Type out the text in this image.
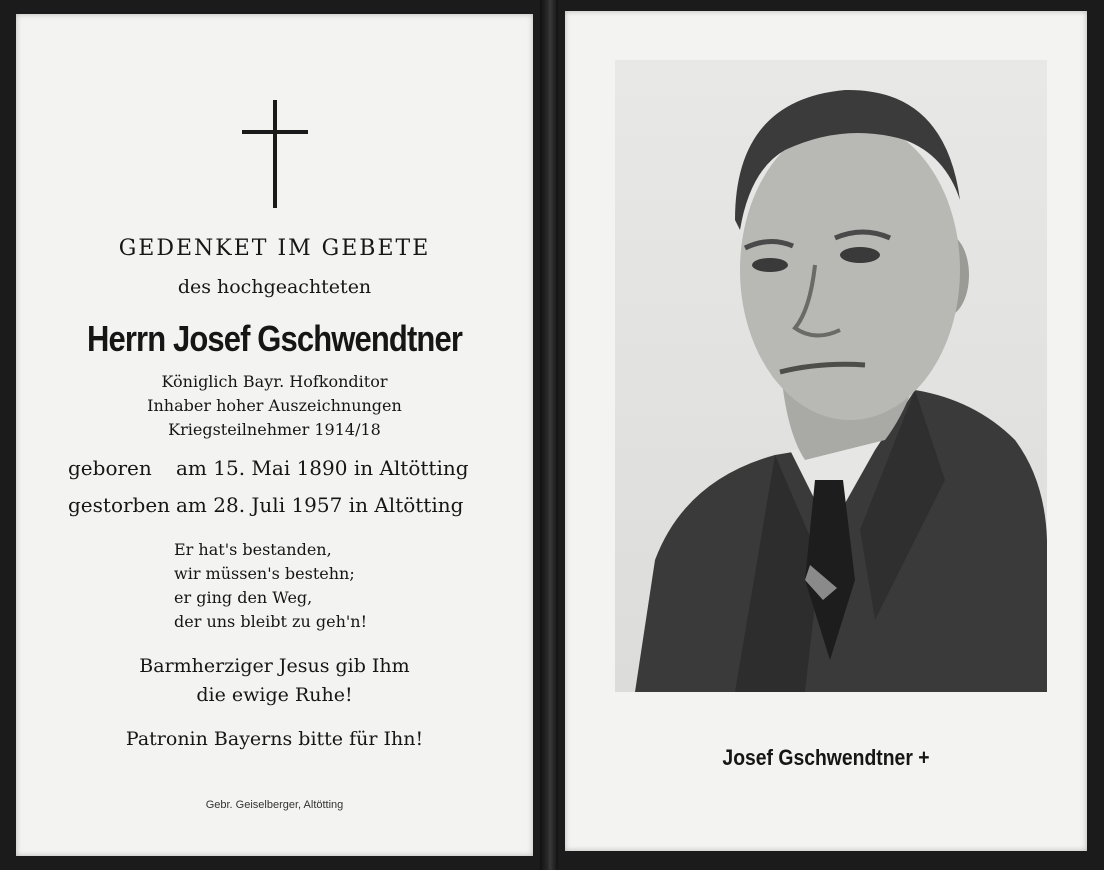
GEDENKET IM GEBETE
des hochgeachteten
Herrn Josef Gschwendtner
Königlich Bayr. Hofkonditor
Inhaber hoher Auszeichnungen
Kriegsteilnehmer 1914/18
geboren am 15. Mai 1890 in Altötting
gestorben am 28. Juli 1957 in Altötting
Er hat's bestanden,
wir müssen's bestehn;
er ging den Weg,
der uns bleibt zu geh'n!
Barmherziger Jesus gib Ihm
die ewige Ruhe!
Patronin Bayerns bitte für Ihn!
Gebr. Geiselberger, Altötting
Josef Gschwendtner +
